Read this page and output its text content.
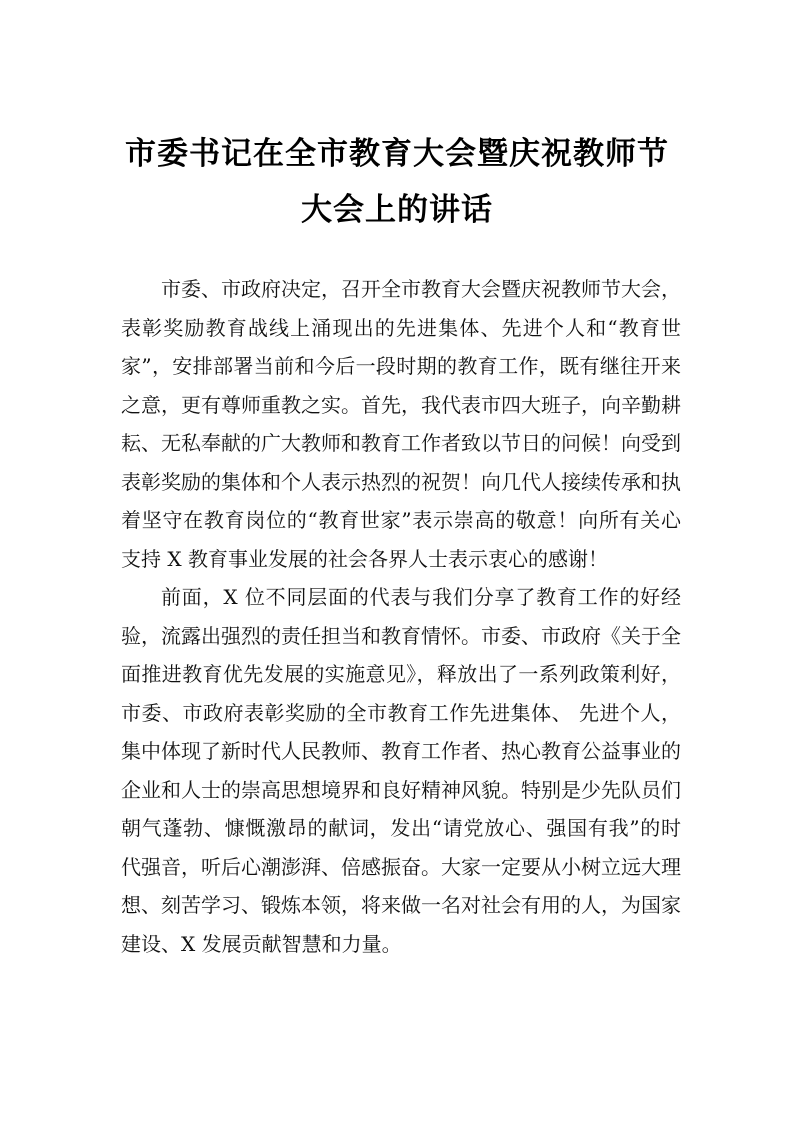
市委书记在全市教育大会暨庆祝教师节大会上的讲话

市委、市政府决定，召开全市教育大会暨庆祝教师节大会，表彰奖励教育战线上涌现出的先进集体、先进个人和“教育世家”，安排部署当前和今后一段时期的教育工作，既有继往开来之意，更有尊师重教之实。首先，我代表市四大班子，向辛勤耕耘、无私奉献的广大教师和教育工作者致以节日的问候！向受到表彰奖励的集体和个人表示热烈的祝贺！向几代人接续传承和执着坚守在教育岗位的“教育世家”表示崇高的敬意！向所有关心支持 X 教育事业发展的社会各界人士表示衷心的感谢！

前面，X 位不同层面的代表与我们分享了教育工作的好经验，流露出强烈的责任担当和教育情怀。市委、市政府《关于全面推进教育优先发展的实施意见》，释放出了一系列政策利好，市委、市政府表彰奖励的全市教育工作先进集体、 先进个人，集中体现了新时代人民教师、教育工作者、热心教育公益事业的企业和人士的崇高思想境界和良好精神风貌。特别是少先队员们朝气蓬勃、慷慨激昂的献词，发出“请党放心、强国有我”的时代强音，听后心潮澎湃、倍感振奋。大家一定要从小树立远大理想、刻苦学习、锻炼本领，将来做一名对社会有用的人，为国家建设、X 发展贡献智慧和力量。
